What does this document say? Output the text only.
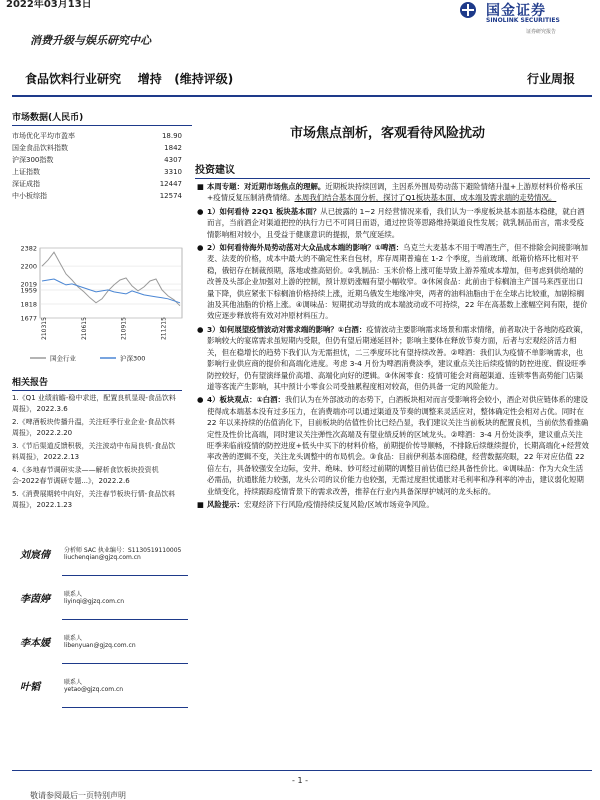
2022年03月13日
消费升级与娱乐研究中心
国金证券
SINOLINK SECURITIES
证券研究报告
食品饮料行业研究 增持 (维持评级)	行业周报
市场数据(人民币)
市场优化平均市盈率	18.90
国金食品饮料指数	1842
沪深300指数	4307
上证指数	3310
深证成指	12447
中小板综指	12574
2382
2200
2019
1959
1818
1677 210315	210615	210915	211215
国金行业	沪深300
相关报告
1.《Q1 业绩前瞻-稳中求进，配置良机显现-食品饮料周报》，2022.3.6
2.《啤酒板块传播升温，关注旺季行业企业-食品饮料周报》，2022.2.20
3.《节后渠道反馈积极，关注波动中布局良机-食品饮料周报》，2022.2.13
4.《多地春节调研实录——解析食饮板块投资机会-2022春节调研专题...》，2022.2.6
5.《消费展期转中向好，关注春节板块行情-食品饮料周报》，2022.1.23
刘宸倩 分析师 SAC 执业编号：S1130519110005
liuchenqian@gjzq.com.cn
李茵婷 联系人
liyinqi@gjzq.com.cn
李本媛 联系人
libenyuan@gjzq.com.cn
叶韬	联系人
yetao@gjzq.com.cn
市场焦点剖析，客观看待风险扰动
投资建议
■ 本周专题：对近期市场焦点的理解。近期板块持续回调，主因系外围局势动荡下避险情绪升温+上游原材料价格承压+疫情反复压制消费情绪。本周我们结合基本面分析，探讨了Q1板块基本面、成本端及需求端的走势情况。
● 1）如何看待 22Q1 板块基本面？从已披露的 1~2 月经营情况来看，我们认为一季度板块基本面基本稳健，就白酒而言，当前酒企对渠道把控的执行力已不可同日而语，通过控货等思路维持渠道良性发展；就乳制品而言，需求受疫情影响相对较小，且受益于健康意识的提振，景气度延续。
● 2）如何看待海外局势动荡对大众品成本端的影响？①啤酒：乌克兰大麦基本不用于啤酒生产，但不排除会间接影响加麦、法麦的价格，成本中最大的不确定性来自包材，库存周期普遍在 1-2 个季度，当前玻璃、纸箱价格环比相对平稳，俄铝存在制裁预期，落地或推高铝价。②乳制品：玉米价格上涨可能导致上游养殖成本增加，但考虑到供给端的改善及头部企业加强对上游的控制，预计原奶涨幅有望小幅收窄。③休闲食品：此前由于棕榈油主产国马来西亚出口量下降，供应紧张下棕榈油价格持续上涨，近期乌俄发生地缘冲突，两者的油料油脂由于在全球占比较重，加剧棕榈油及其他油脂的价格上涨。④调味品：短期扰动导致的成本端波动或不可持续，22 年在高基数上涨幅空间有限，提价效应逐步释放将有效对冲原材料压力。
● 3）如何展望疫情波动对需求端的影响？①白酒：疫情波动主要影响需求场景和需求情绪，前者取决于各地防疫政策，影响较大的宴席需求虽短期内受限，但仍有望后期递延回补；影响主要体在释放节奏方面，后者与宏观经济活力相关，但在稳增长的趋势下我们认为无需担忧，二三季度环比有望持续改善。②啤酒：我们认为疫情不单影响需求，也影响行业供应商的提价和高端化进度。考虑 3-4 月份为啤酒消费淡季，建议重点关注后续疫情的防控进度、假设旺季防控较好，仍有望演绎量价高增、高端化向好的逻辑。③休闲零食：疫情可能会对商超渠道、连锁零售高势能门店渠道等客流产生影响，其中预计小零食公司受抽累程度相对较高，但仍具备一定的风险能力。
● 4）板块观点：①白酒：我们认为在外部波动的态势下，白酒板块相对而言受影响将会较小，酒企对供应链体系的建设使得成本端基本没有过多压力，在消费端亦可以通过渠道及节奏的调整来灵活应对，整体确定性会相对占优。同时在 22 年以来持续的估值消化下，目前板块的估值性价比已经凸显，我们建议关注当前板块的配置良机，当前依然看推确定性及性价比高端，同时建议关注弹性次高端及有望业绩反转的区域龙头。②啤酒：3-4 月份处淡季，建议重点关注旺季来临前疫情的防控进度+低头中买下的材料价格，前期提价传导顺畅，不排除后续继续提价，长期高端化+经营效率改善的逻辑不变，关注龙头调整中的布局机会。③食品：目前伊利基本面稳健，经营数据亮眼，22 年对应估值 22 倍左右，具备较强安全边际，安井、绝味、妙可经过前期的调整目前估值已经具备性价比。④调味品：作为大众生活必需品，抗通胀能力较强，龙头公司的议价能力也较强，无需过度担忧通胀对毛利率和净利率的冲击，建议弱化短期业绩变化，持续跟踪疫情背景下的需求改善，推荐在行业内具备深厚护城河的龙头标的。
■ 风险提示：宏观经济下行风险/疫情持续反复风险/区域市场竞争风险。
- 1 -
敬请参阅最后一页特别声明
